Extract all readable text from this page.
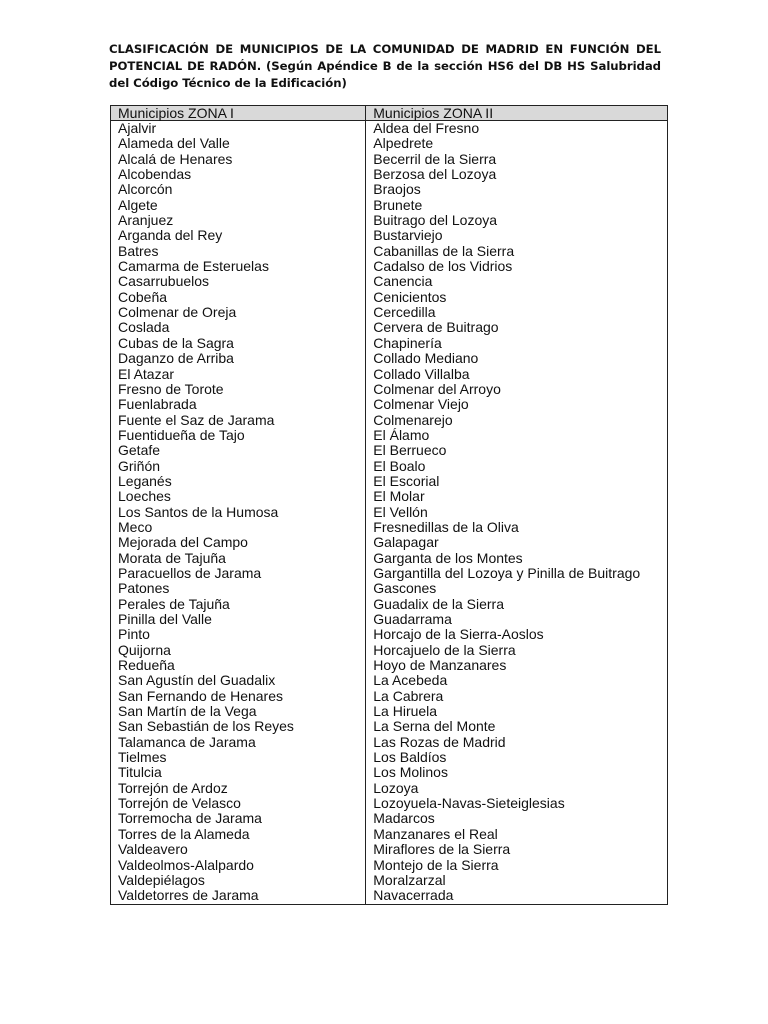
CLASIFICACIÓN DE MUNICIPIOS DE LA COMUNIDAD DE MADRID EN FUNCIÓN DEL POTENCIAL DE RADÓN. (Según Apéndice B de la sección HS6 del DB HS Salubridad del Código Técnico de la Edificación)
Municipios ZONA I	Municipios ZONA II
Ajalvir	Aldea del Fresno
Alameda del Valle	Alpedrete
Alcalá de Henares	Becerril de la Sierra
Alcobendas	Berzosa del Lozoya
Alcorcón	Braojos
Algete	Brunete
Aranjuez	Buitrago del Lozoya
Arganda del Rey	Bustarviejo
Batres	Cabanillas de la Sierra
Camarma de Esteruelas	Cadalso de los Vidrios
Casarrubuelos	Canencia
Cobeña	Cenicientos
Colmenar de Oreja	Cercedilla
Coslada	Cervera de Buitrago
Cubas de la Sagra	Chapinería
Daganzo de Arriba	Collado Mediano
El Atazar	Collado Villalba
Fresno de Torote	Colmenar del Arroyo
Fuenlabrada	Colmenar Viejo
Fuente el Saz de Jarama	Colmenarejo
Fuentidueña de Tajo	El Álamo
Getafe	El Berrueco
Griñón	El Boalo
Leganés	El Escorial
Loeches	El Molar
Los Santos de la Humosa	El Vellón
Meco	Fresnedillas de la Oliva
Mejorada del Campo	Galapagar
Morata de Tajuña	Garganta de los Montes
Paracuellos de Jarama	Gargantilla del Lozoya y Pinilla de Buitrago
Patones	Gascones
Perales de Tajuña	Guadalix de la Sierra
Pinilla del Valle	Guadarrama
Pinto	Horcajo de la Sierra-Aoslos
Quijorna	Horcajuelo de la Sierra
Redueña	Hoyo de Manzanares
San Agustín del Guadalix	La Acebeda
San Fernando de Henares	La Cabrera
San Martín de la Vega	La Hiruela
San Sebastián de los Reyes	La Serna del Monte
Talamanca de Jarama	Las Rozas de Madrid
Tielmes	Los Baldíos
Titulcia	Los Molinos
Torrejón de Ardoz	Lozoya
Torrejón de Velasco	Lozoyuela-Navas-Sieteiglesias
Torremocha de Jarama	Madarcos
Torres de la Alameda	Manzanares el Real
Valdeavero	Miraflores de la Sierra
Valdeolmos-Alalpardo	Montejo de la Sierra
Valdepiélagos	Moralzarzal
Valdetorres de Jarama	Navacerrada
